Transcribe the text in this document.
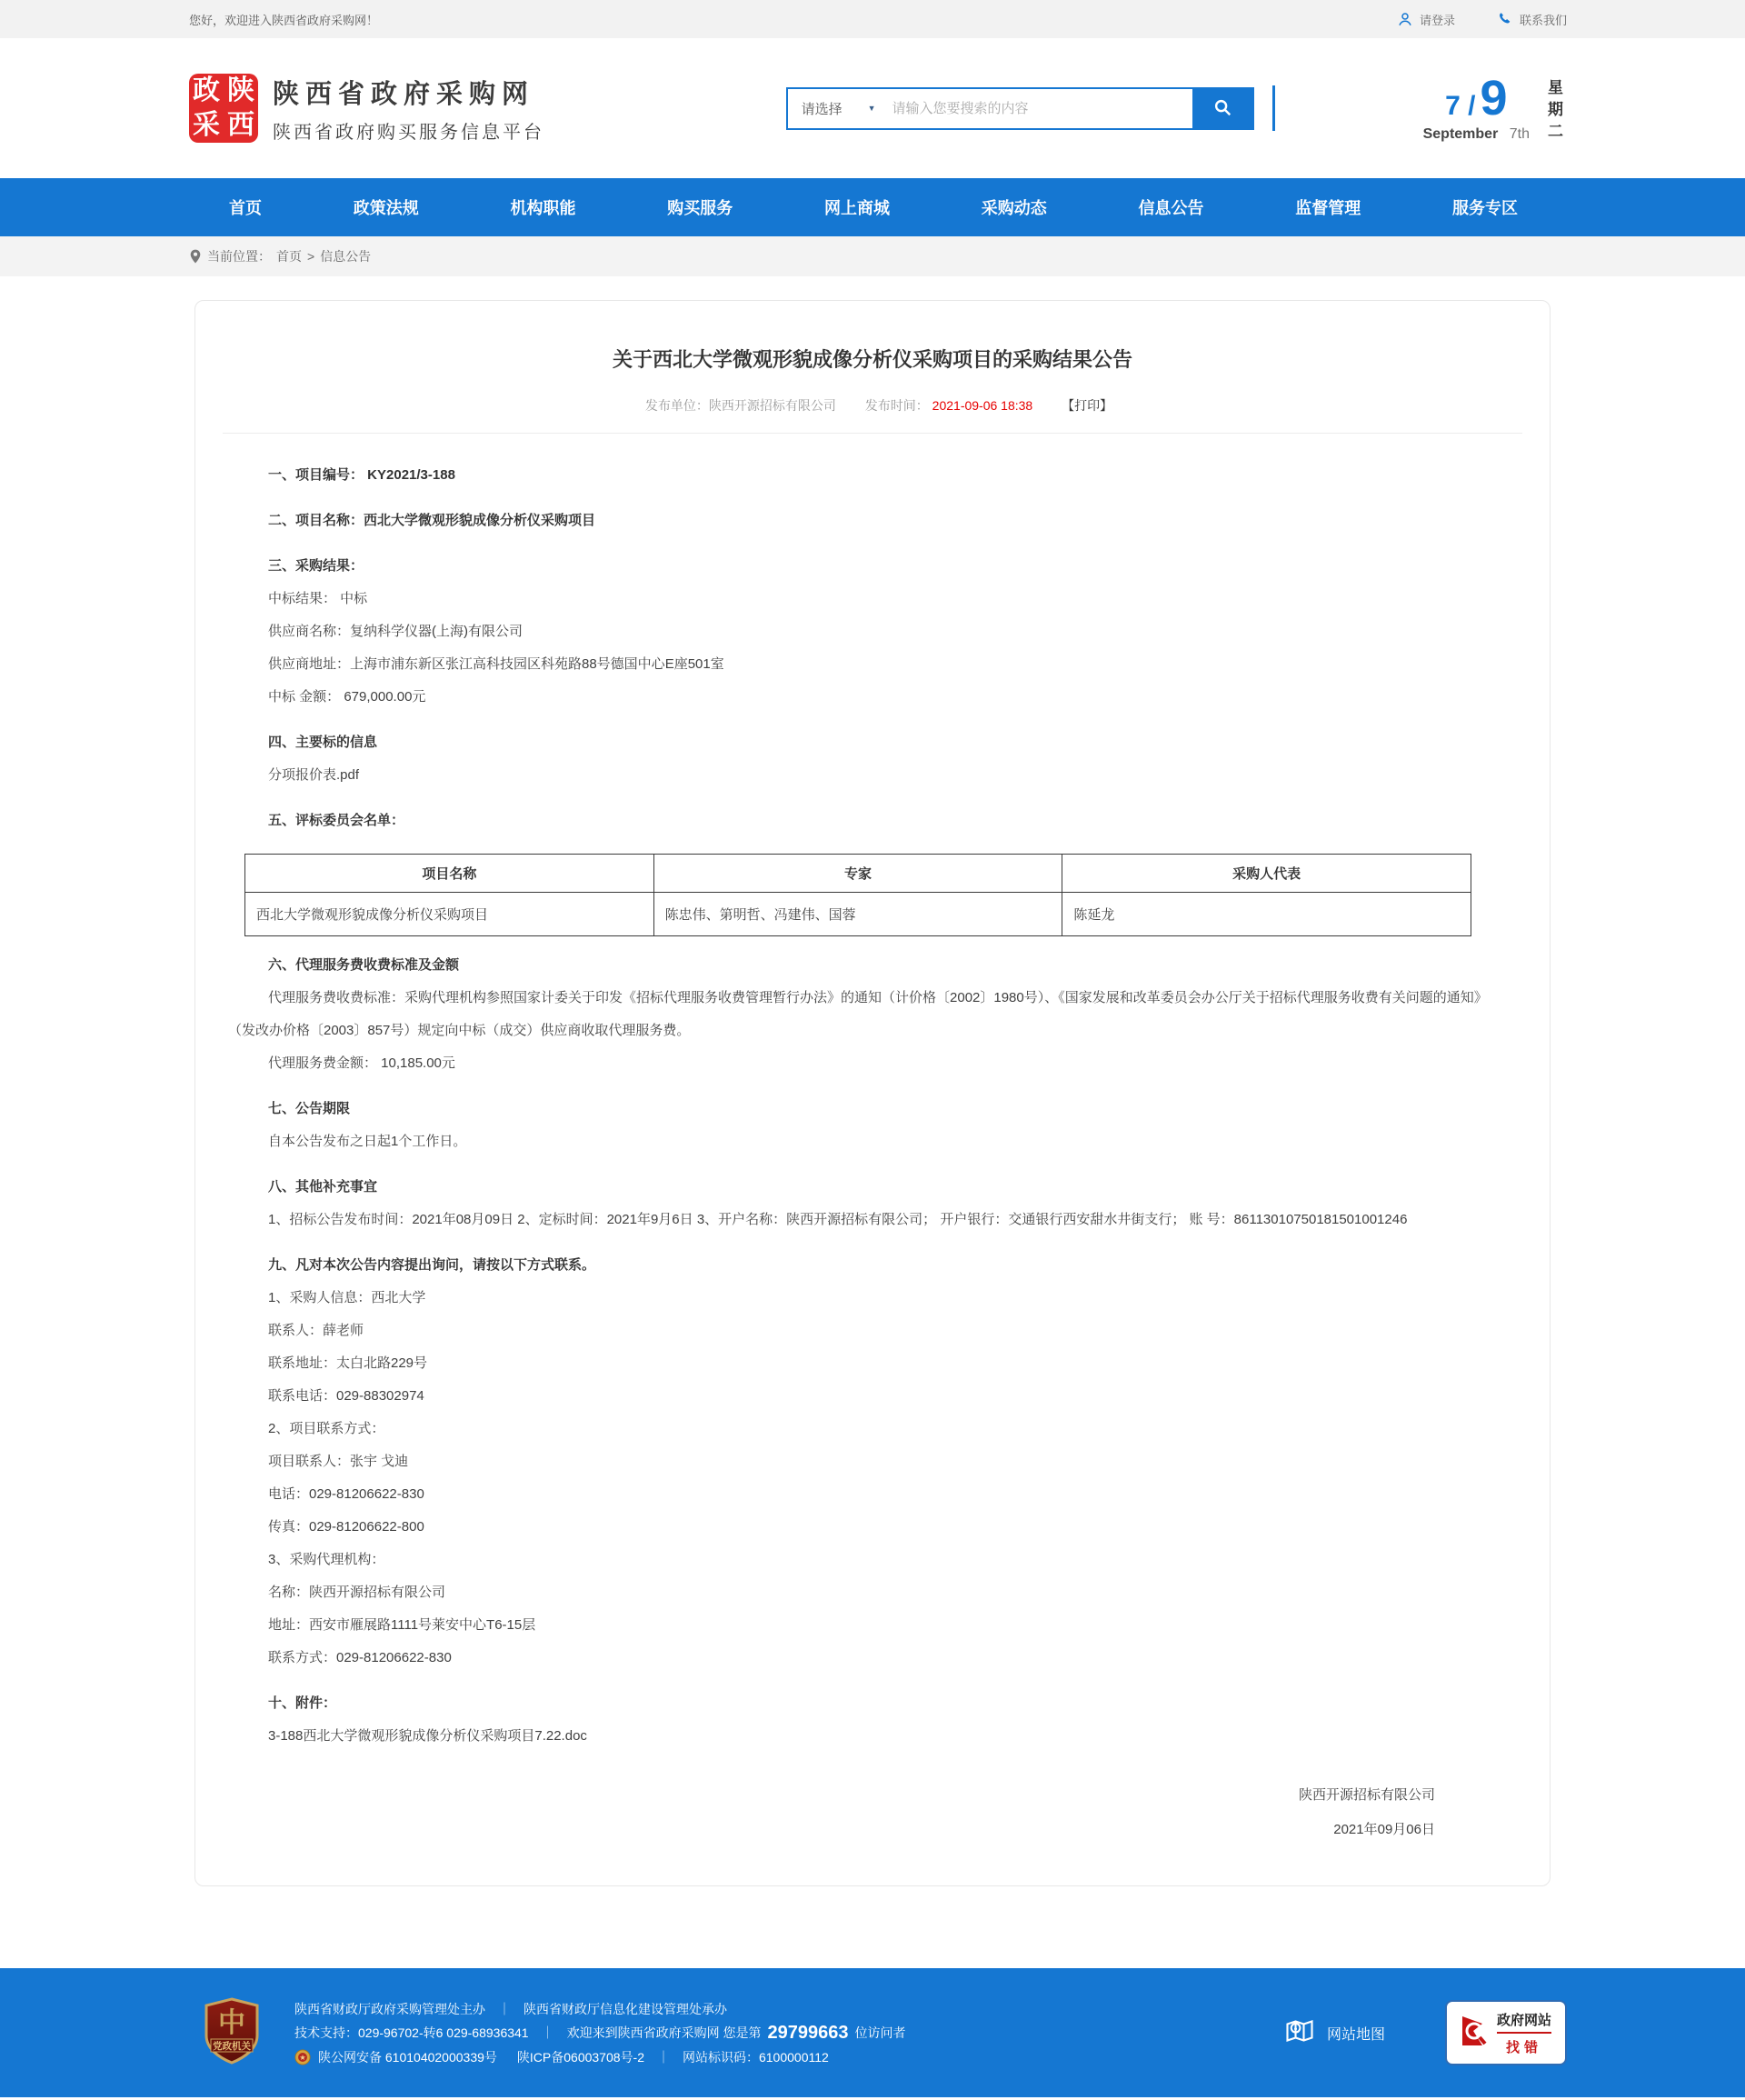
您好，欢迎进入陕西省政府采购网！	请登录	联系我们
政 陕
采 西
陕西省政府采购网
陕西省政府购买服务信息平台
请选择	▼
请输入您要搜索的内容	7 / 9
September 7th
星
期
二
首页	政策法规	机构职能	购买服务	网上商城	采购动态	信息公告	监督管理	服务专区
当前位置： 首页 > 信息公告
关于西北大学微观形貌成像分析仪采购项目的采购结果公告
发布单位：陕西开源招标有限公司 发布时间： 2021-09-06 18:38 【打印】

一、项目编号： KY2021/3-188

二、项目名称：西北大学微观形貌成像分析仪采购项目

三、采购结果：

中标结果： 中标

供应商名称：复纳科学仪器(上海)有限公司

供应商地址：上海市浦东新区张江高科技园区科苑路88号德国中心E座501室

中标 金额： 679,000.00元

四、主要标的信息

分项报价表.pdf

五、评标委员会名单：

项目名称	专家	采购人代表
西北大学微观形貌成像分析仪采购项目	陈忠伟、第明哲、冯建伟、国蓉	陈延龙

六、代理服务费收费标准及金额

代理服务费收费标准：采购代理机构参照国家计委关于印发《招标代理服务收费管理暂行办法》的通知（计价格〔2002〕1980号）、《国家发展和改革委员会办公厅关于招标代理服务收费有关问题的通知》（发改办价格〔2003〕857号）规定向中标（成交）供应商收取代理服务费。

代理服务费金额： 10,185.00元

七、公告期限

自本公告发布之日起1个工作日。

八、其他补充事宜

1、招标公告发布时间：2021年08月09日 2、定标时间：2021年9月6日 3、开户名称：陕西开源招标有限公司； 开户银行：交通银行西安甜水井街支行； 账 号：86113010750181501001246

九、凡对本次公告内容提出询问，请按以下方式联系。

1、采购人信息：西北大学

联系人：薛老师

联系地址：太白北路229号

联系电话：029-88302974

2、项目联系方式：

项目联系人：张宇 戈迪

电话：029-81206622-830

传真：029-81206622-800

3、采购代理机构：

名称：陕西开源招标有限公司

地址：西安市雁展路1111号莱安中心T6-15层

联系方式：029-81206622-830

十、附件：

3-188西北大学微观形貌成像分析仪采购项目7.22.doc

陕西开源招标有限公司
2021年09月06日
中
党政机关
陕西省财政厅政府采购管理处主办 ｜ 陕西省财政厅信息化建设管理处承办
技术支持：029-96702-转6 029-68936341 ｜ 欢迎来到陕西省政府采购网 您是第 29799663 位访问者
★ 陕公网安备 61010402000339号 陕ICP备06003708号-2 ｜ 网站标识码：6100000112
网站地图
政府网站
找错
